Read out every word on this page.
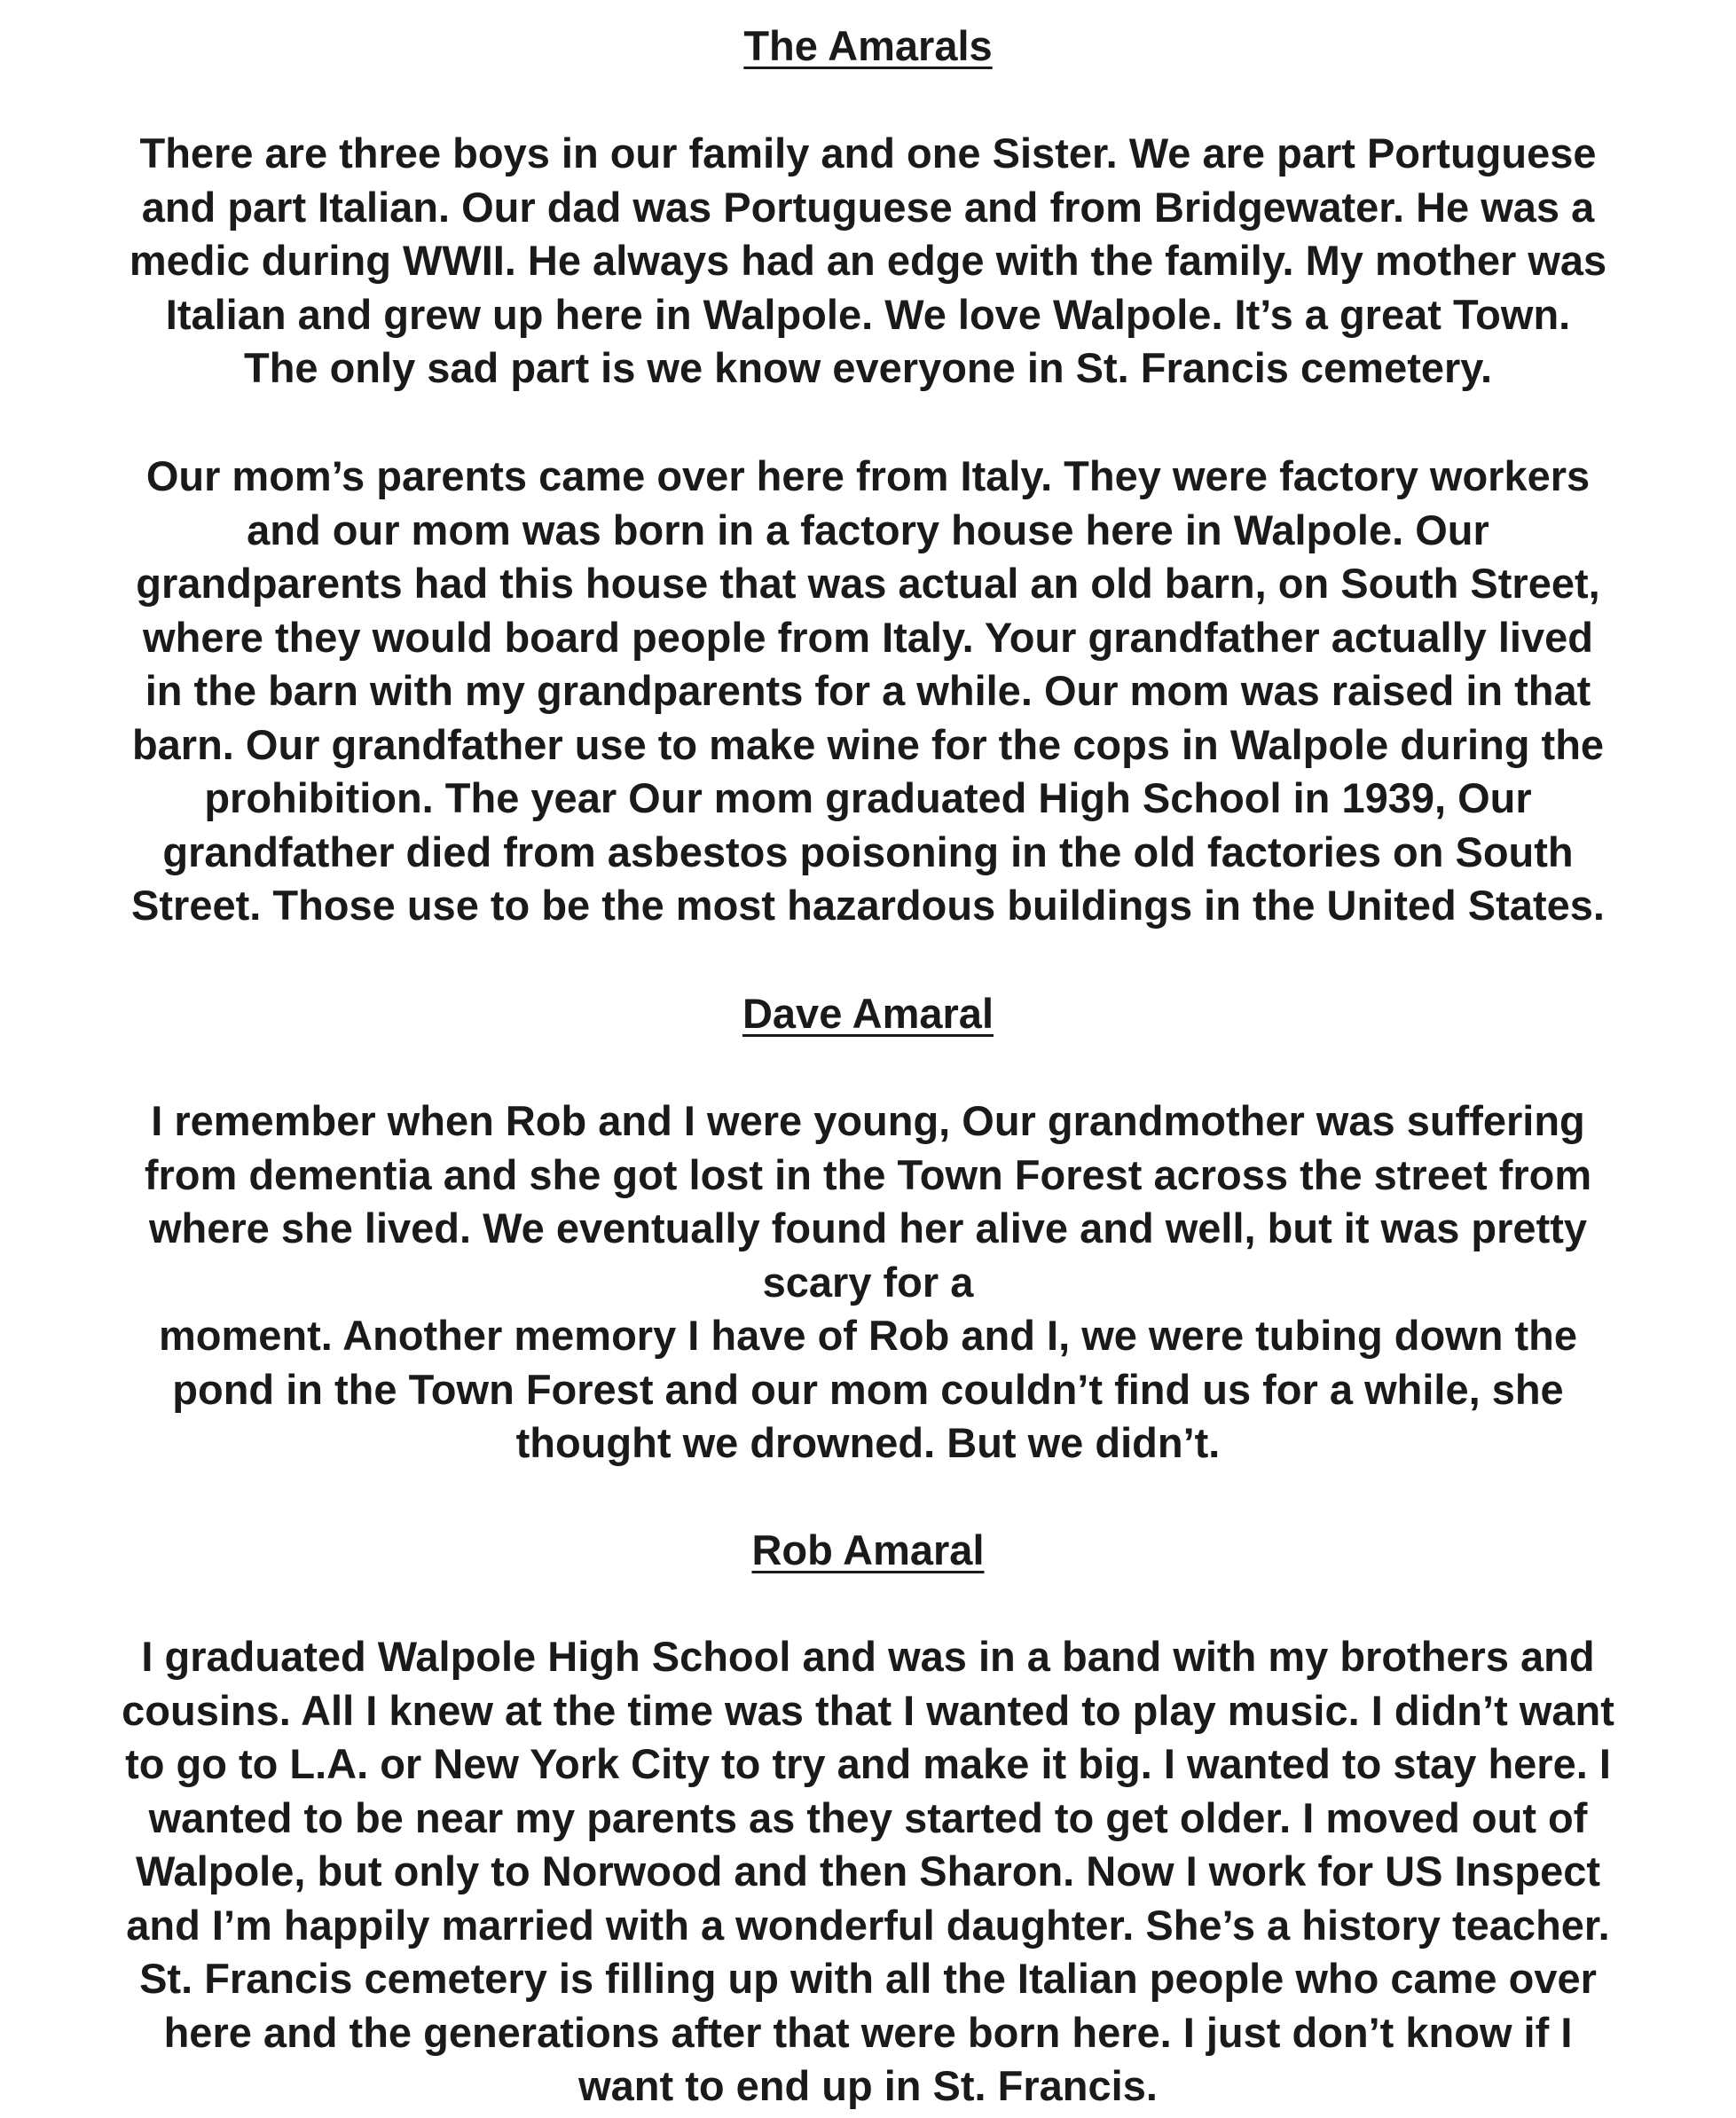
The Amarals
There are three boys in our family and one Sister. We are part Portuguese
and part Italian. Our dad was Portuguese and from Bridgewater. He was a
medic during WWII. He always had an edge with the family. My mother was
Italian and grew up here in Walpole. We love Walpole. It’s a great Town.
The only sad part is we know everyone in St. Francis cemetery.
Our mom’s parents came over here from Italy. They were factory workers
and our mom was born in a factory house here in Walpole. Our
grandparents had this house that was actual an old barn, on South Street,
where they would board people from Italy. Your grandfather actually lived
in the barn with my grandparents for a while. Our mom was raised in that
barn. Our grandfather use to make wine for the cops in Walpole during the
prohibition. The year Our mom graduated High School in 1939, Our
grandfather died from asbestos poisoning in the old factories on South
Street. Those use to be the most hazardous buildings in the United States.
Dave Amaral
I remember when Rob and I were young, Our grandmother was suffering
from dementia and she got lost in the Town Forest across the street from
where she lived. We eventually found her alive and well, but it was pretty
scary for a
moment. Another memory I have of Rob and I, we were tubing down the
pond in the Town Forest and our mom couldn’t find us for a while, she
thought we drowned. But we didn’t.
Rob Amaral
I graduated Walpole High School and was in a band with my brothers and
cousins. All I knew at the time was that I wanted to play music. I didn’t want
to go to L.A. or New York City to try and make it big. I wanted to stay here. I
wanted to be near my parents as they started to get older. I moved out of
Walpole, but only to Norwood and then Sharon. Now I work for US Inspect
and I’m happily married with a wonderful daughter. She’s a history teacher.
St. Francis cemetery is filling up with all the Italian people who came over
here and the generations after that were born here. I just don’t know if I
want to end up in St. Francis.
